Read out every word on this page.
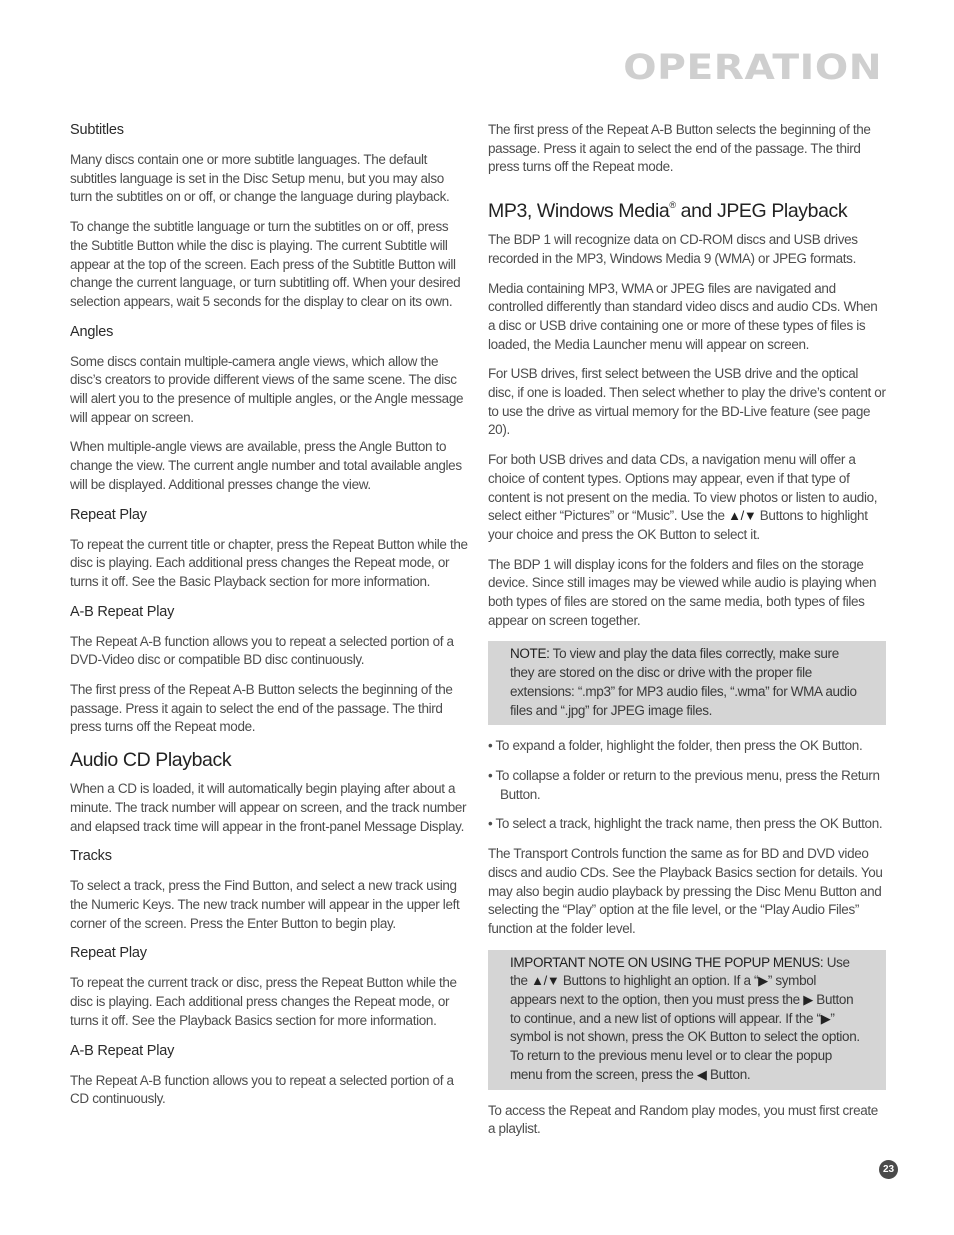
OPERATION
Subtitles

Many discs contain one or more subtitle languages. The default subtitles language is set in the Disc Setup menu, but you may also turn the subtitles on or off, or change the language during playback.

To change the subtitle language or turn the subtitles on or off, press the Subtitle Button while the disc is playing. The current Subtitle will appear at the top of the screen. Each press of the Subtitle Button will change the current language, or turn subtitling off. When your desired selection appears, wait 5 seconds for the display to clear on its own.

Angles

Some discs contain multiple-camera angle views, which allow the disc’s creators to provide different views of the same scene. The disc will alert you to the presence of multiple angles, or the Angle message will appear on screen.

When multiple-angle views are available, press the Angle Button to change the view. The current angle number and total available angles will be displayed. Additional presses change the view.

Repeat Play

To repeat the current title or chapter, press the Repeat Button while the disc is playing. Each additional press changes the Repeat mode, or turns it off. See the Basic Playback section for more information.

A-B Repeat Play

The Repeat A-B function allows you to repeat a selected portion of a DVD-Video disc or compatible BD disc continuously.

The first press of the Repeat A-B Button selects the beginning of the passage. Press it again to select the end of the passage. The third press turns off the Repeat mode.

Audio CD Playback

When a CD is loaded, it will automatically begin playing after about a minute. The track number will appear on screen, and the track number and elapsed track time will appear in the front-panel Message Display.

Tracks

To select a track, press the Find Button, and select a new track using the Numeric Keys. The new track number will appear in the upper left corner of the screen. Press the Enter Button to begin play.

Repeat Play

To repeat the current track or disc, press the Repeat Button while the disc is playing. Each additional press changes the Repeat mode, or turns it off. See the Playback Basics section for more information.

A-B Repeat Play

The Repeat A-B function allows you to repeat a selected portion of a CD continuously.

The first press of the Repeat A-B Button selects the beginning of the passage. Press it again to select the end of the passage. The third press turns off the Repeat mode.

MP3, Windows Media® and JPEG Playback

The BDP 1 will recognize data on CD-ROM discs and USB drives recorded in the MP3, Windows Media 9 (WMA) or JPEG formats.

Media containing MP3, WMA or JPEG files are navigated and controlled differently than standard video discs and audio CDs. When a disc or USB drive containing one or more of these types of files is loaded, the Media Launcher menu will appear on screen.

For USB drives, first select between the USB drive and the optical disc, if one is loaded. Then select whether to play the drive’s content or to use the drive as virtual memory for the BD-Live feature (see page 20).

For both USB drives and data CDs, a navigation menu will offer a choice of content types. Options may appear, even if that type of content is not present on the media. To view photos or listen to audio, select either “Pictures” or “Music”. Use the ▲/▼ Buttons to highlight your choice and press the OK Button to select it.

The BDP 1 will display icons for the folders and files on the storage device. Since still images may be viewed while audio is playing when both types of files are stored on the same media, both types of files appear on screen together.

NOTE: To view and play the data files correctly, make sure they are stored on the disc or drive with the proper file extensions: “.mp3” for MP3 audio files, “.wma” for WMA audio files and “.jpg” for JPEG image files.

• To expand a folder, highlight the folder, then press the OK Button.

• To collapse a folder or return to the previous menu, press the Return Button.

• To select a track, highlight the track name, then press the OK Button.

The Transport Controls function the same as for BD and DVD video discs and audio CDs. See the Playback Basics section for details. You may also begin audio playback by pressing the Disc Menu Button and selecting the “Play” option at the file level, or the “Play Audio Files” function at the folder level.

IMPORTANT NOTE ON USING THE POPUP MENUS: Use the ▲/▼ Buttons to highlight an option. If a “▶” symbol appears next to the option, then you must press the ▶ Button to continue, and a new list of options will appear. If the “▶” symbol is not shown, press the OK Button to select the option. To return to the previous menu level or to clear the popup menu from the screen, press the ◀ Button.

To access the Repeat and Random play modes, you must first create a playlist.

23
